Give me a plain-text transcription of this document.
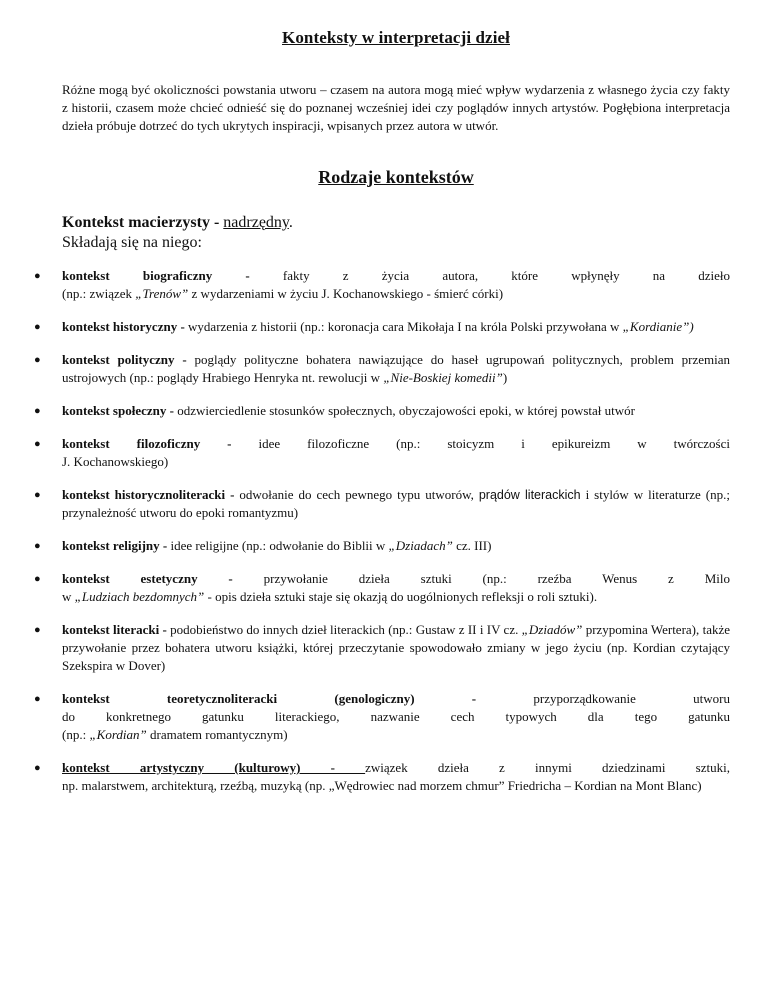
Konteksty w interpretacji dzieł

Różne mogą być okoliczności powstania utworu – czasem na autora mogą mieć wpływ wydarzenia z własnego życia czy fakty z historii, czasem może chcieć odnieść się do poznanej wcześniej idei czy poglądów innych artystów. Pogłębiona interpretacja dzieła próbuje dotrzeć do tych ukrytych inspiracji, wpisanych przez autora w utwór.

Rodzaje kontekstów
Kontekst macierzysty - nadrzędny.
Składają się na niego:
● kontekst biograficzny - fakty z życia autora, które wpłynęły na dzieło
(np.: związek „Trenów” z wydarzeniami w życiu J. Kochanowskiego - śmierć córki)
● kontekst historyczny - wydarzenia z historii (np.: koronacja cara Mikołaja I na króla Polski przywołana w „Kordianie”)
● kontekst polityczny - poglądy polityczne bohatera nawiązujące do haseł ugrupowań politycznych, problem przemian ustrojowych (np.: poglądy Hrabiego Henryka nt. rewolucji w „Nie-Boskiej komedii”)
● kontekst społeczny - odzwierciedlenie stosunków społecznych, obyczajowości epoki, w której powstał utwór
● kontekst filozoficzny - idee filozoficzne (np.: stoicyzm i epikureizm w twórczości
J. Kochanowskiego)
● kontekst historycznoliteracki - odwołanie do cech pewnego typu utworów, prądów literackich i stylów w literaturze (np.; przynależność utworu do epoki romantyzmu)
● kontekst religijny - idee religijne (np.: odwołanie do Biblii w „Dziadach” cz. III)
● kontekst estetyczny - przywołanie dzieła sztuki (np.: rzeźba Wenus z Milo
w „Ludziach bezdomnych” - opis dzieła sztuki staje się okazją do uogólnionych refleksji o roli sztuki).
● kontekst literacki - podobieństwo do innych dzieł literackich (np.: Gustaw z II i IV cz. „Dziadów” przypomina Wertera), także przywołanie przez bohatera utworu książki, której przeczytanie spowodowało zmiany w jego życiu (np. Kordian czytający Szekspira w Dover)
● kontekst teoretycznoliteracki (genologiczny) - przyporządkowanie utworu
do konkretnego gatunku literackiego, nazwanie cech typowych dla tego gatunku
(np.: „Kordian” dramatem romantycznym)
● kontekst artystyczny (kulturowy) - związek dzieła z innymi dziedzinami sztuki,
np. malarstwem, architekturą, rzeźbą, muzyką (np. „Wędrowiec nad morzem chmur” Friedricha – Kordian na Mont Blanc)
